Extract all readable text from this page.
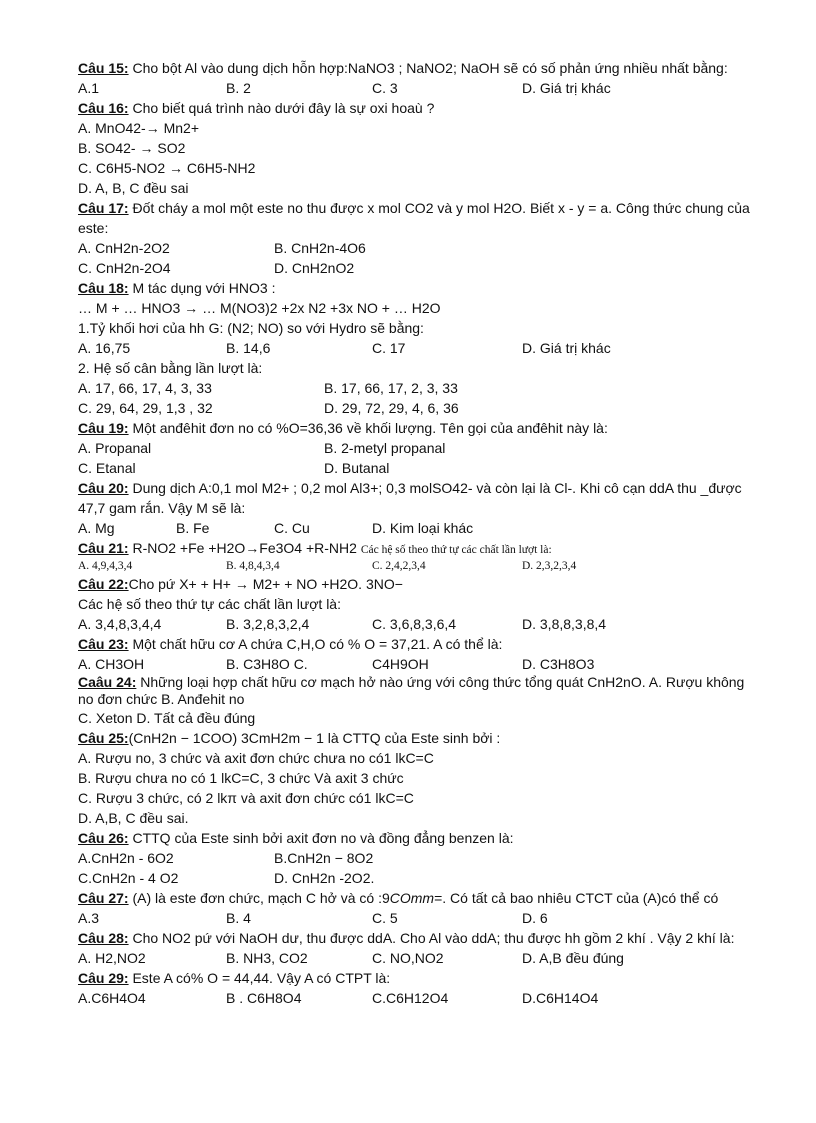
Câu 15: Cho bột Al vào dung dịch hỗn hợp:NaNO3 ; NaNO2; NaOH sẽ có số phản ứng nhiều nhất bằng:
A.1	B. 2	C. 3	D. Giá trị khác
Câu 16: Cho biết quá trình nào dưới đây là sự oxi hoaù ?
A. MnO42-→ Mn2+
B. SO42- → SO2
C. C6H5-NO2 → C6H5-NH2
D. A, B, C đều sai
Câu 17: Đốt cháy a mol một este no thu được x mol CO2 và y mol H2O. Biết x - y = a. Công thức chung của este:
A. CnH2n-2O2	B. CnH2n-4O6
C. CnH2n-2O4	D. CnH2nO2
Câu 18: M tác dụng với HNO3 :
… M + … HNO3 → … M(NO3)2 +2x N2 +3x NO + … H2O
1.Tỷ khối hơi của hh G: (N2; NO) so với Hydro sẽ bằng:
A. 16,75	B. 14,6	C. 17	D. Giá trị khác
2. Hệ số cân bằng lần lượt là:
A. 17, 66, 17, 4, 3, 33	B. 17, 66, 17, 2, 3, 33
C. 29, 64, 29, 1,3 , 32	D. 29, 72, 29, 4, 6, 36
Câu 19: Một anđêhit đơn no có %O=36,36 về khối lượng. Tên gọi của anđêhit này là:
A. Propanal	B. 2-metyl propanal
C. Etanal	D. Butanal
Câu 20: Dung dịch A:0,1 mol M2+ ; 0,2 mol Al3+; 0,3 molSO42- và còn lại là Cl-. Khi cô cạn ddA thu _được 47,7 gam rắn. Vậy M sẽ là:
A. Mg	B. Fe	C. Cu	D. Kim loại khác
Câu 21: R-NO2 +Fe +H2O→Fe3O4 +R-NH2 Các hệ số theo thứ tự các chất lần lượt là:
A. 4,9,4,3,4	B. 4,8,4,3,4	C. 2,4,2,3,4	D. 2,3,2,3,4
Câu 22:Cho pứ X+ + H+ → M2+ + NO +H2O. 3NO−
Các hệ số theo thứ tự các chất lần lượt là:
A. 3,4,8,3,4,4	B. 3,2,8,3,2,4	C. 3,6,8,3,6,4	D. 3,8,8,3,8,4
Câu 23: Một chất hữu cơ A chứa C,H,O có % O = 37,21. A có thể là:
A. CH3OH	B. C3H8O C.	C4H9OH	D. C3H8O3
Caâu 24: Những loại hợp chất hữu cơ mạch hở nào ứng với công thức tổng quát CnH2nO. A. Rượu không no đơn chức B. Anđehit no
C. Xeton D. Tất cả đều đúng
Câu 25:(CnH2n − 1COO) 3CmH2m − 1 là CTTQ của Este sinh bởi :
A. Rượu no, 3 chức và axit đơn chức chưa no có1 lkC=C
B. Rượu chưa no có 1 lkC=C, 3 chức Và axit 3 chức
C. Rượu 3 chức, có 2 lkπ và axit đơn chức có1 lkC=C
D. A,B, C đều sai.
Câu 26: CTTQ của Este sinh bởi axit đơn no và đồng đẳng benzen là:
A.CnH2n - 6O2	B.CnH2n − 8O2
C.CnH2n - 4 O2	D. CnH2n -2O2.
Câu 27: (A) là este đơn chức, mạch C hở và có :9COmm=. Có tất cả bao nhiêu CTCT của (A)có thể có
A.3	B. 4	C. 5	D. 6
Câu 28: Cho NO2 pứ với NaOH dư, thu được ddA. Cho Al vào ddA; thu được hh gồm 2 khí . Vậy 2 khí là:
A. H2,NO2	B. NH3, CO2	C. NO,NO2	D. A,B đều đúng
Câu 29: Este A có% O = 44,44. Vậy A có CTPT là:
A.C6H4O4	B . C6H8O4	C.C6H12O4	D.C6H14O4
